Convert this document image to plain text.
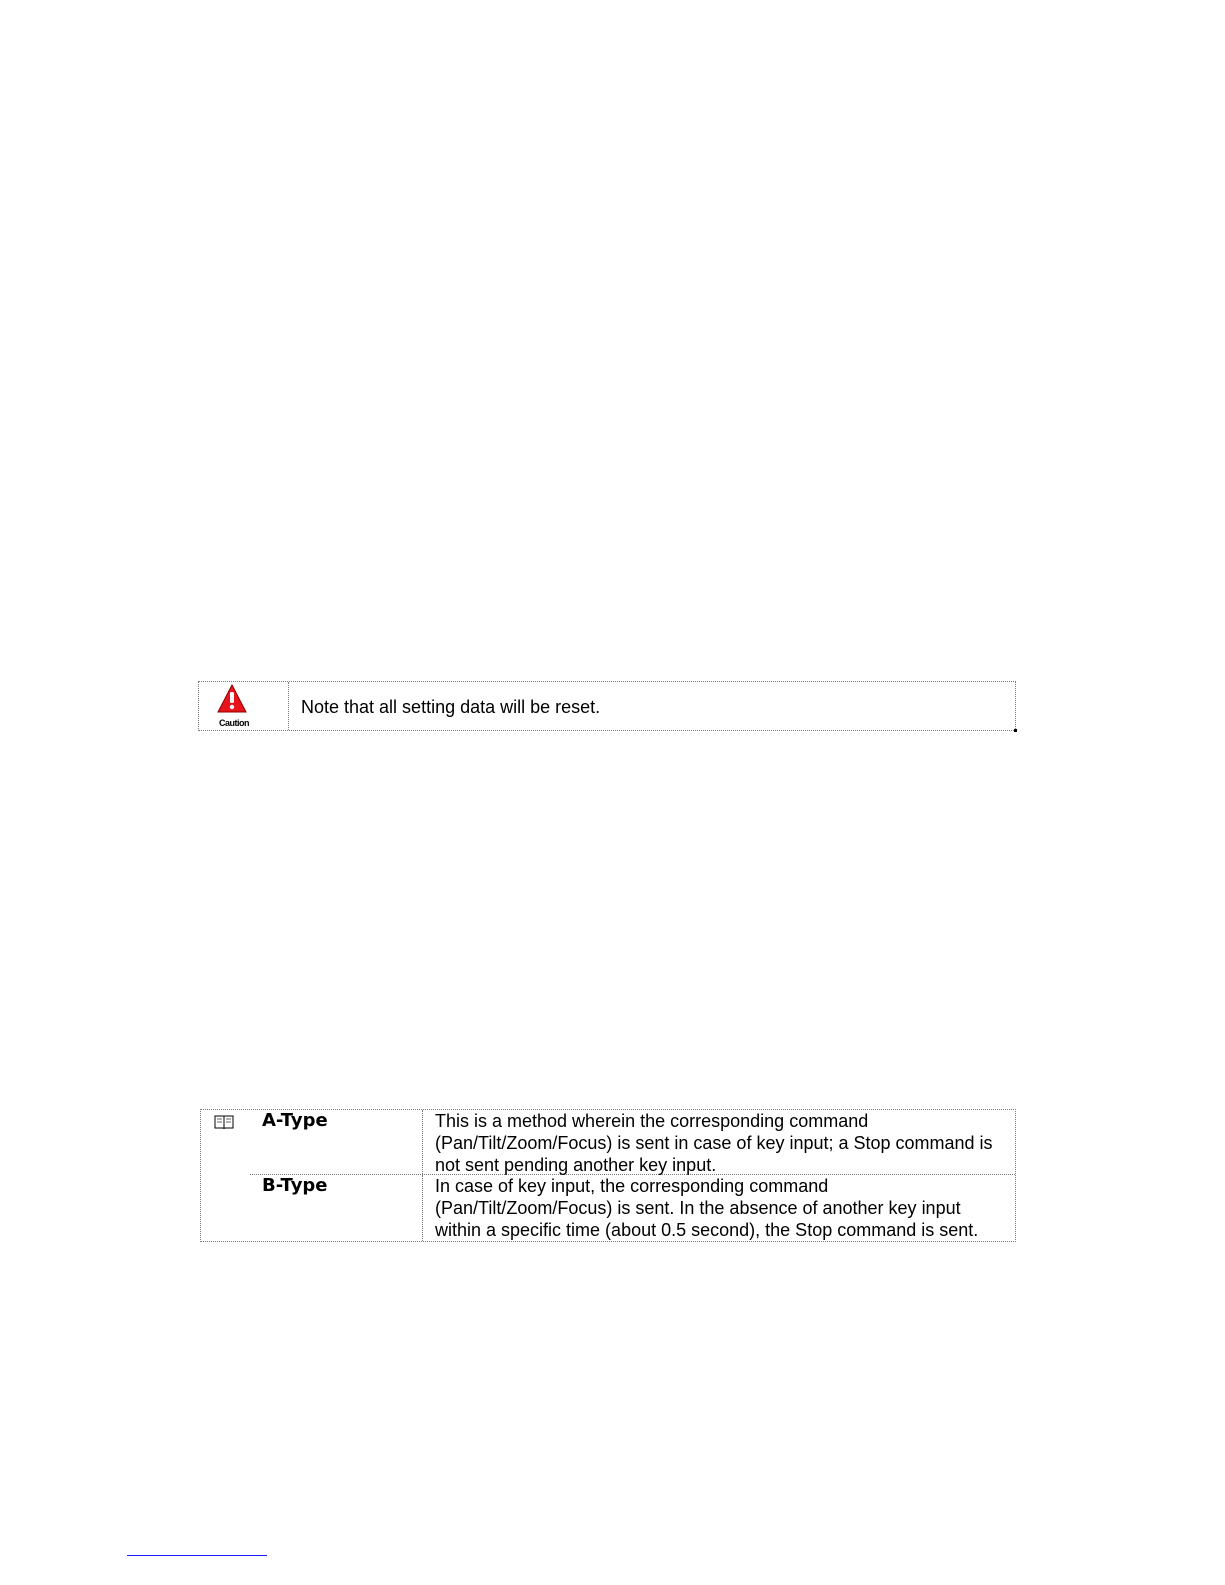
Caution
Note that all setting data will be reset.
A-Type	This is a method wherein the corresponding command (Pan/Tilt/Zoom/Focus) is sent in case of key input; a Stop command is not sent pending another key input.
B-Type	In case of key input, the corresponding command (Pan/Tilt/Zoom/Focus) is sent. In the absence of another key input within a specific time (about 0.5 second), the Stop command is sent.
